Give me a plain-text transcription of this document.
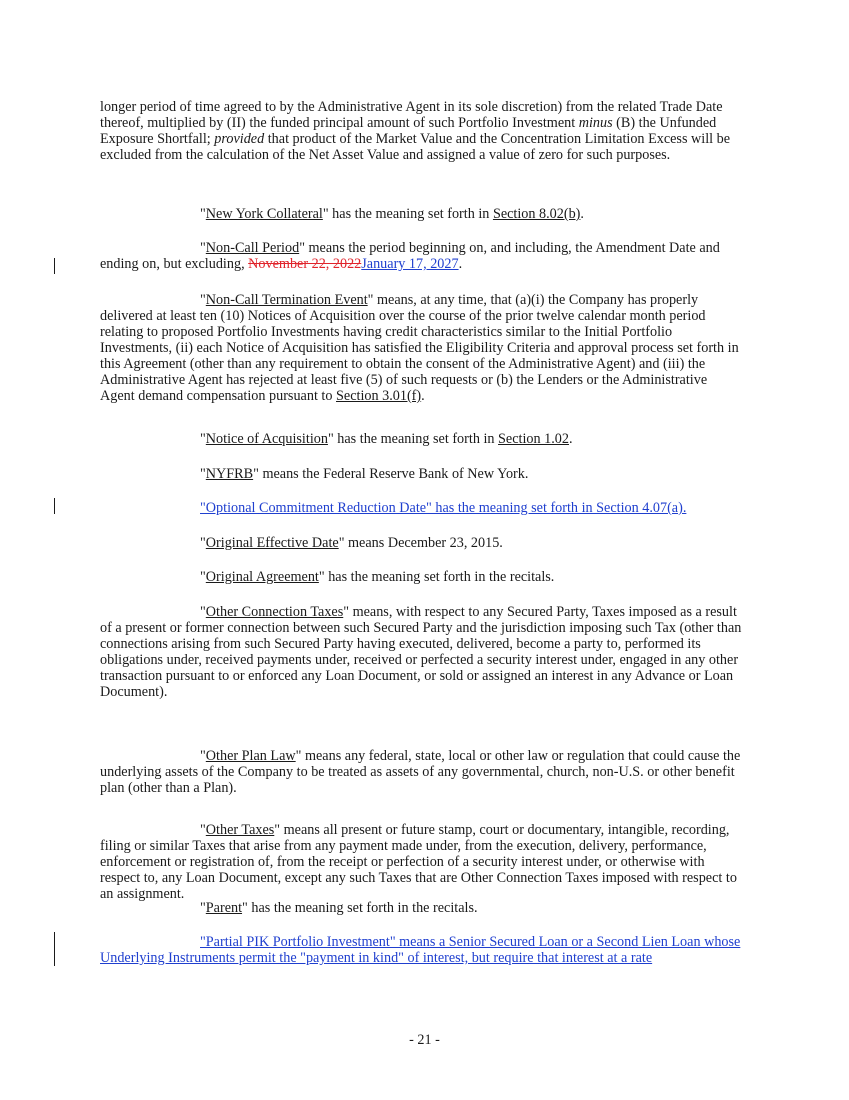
longer period of time agreed to by the Administrative Agent in its sole discretion) from the related Trade Date thereof, multiplied by (II) the funded principal amount of such Portfolio Investment minus (B) the Unfunded Exposure Shortfall; provided that product of the Market Value and the Concentration Limitation Excess will be excluded from the calculation of the Net Asset Value and assigned a value of zero for such purposes.

"New York Collateral" has the meaning set forth in Section 8.02(b).

"Non-Call Period" means the period beginning on, and including, the Amendment Date and ending on, but excluding, November 22, 2022January 17, 2027.

"Non-Call Termination Event" means, at any time, that (a)(i) the Company has properly delivered at least ten (10) Notices of Acquisition over the course of the prior twelve calendar month period relating to proposed Portfolio Investments having credit characteristics similar to the Initial Portfolio Investments, (ii) each Notice of Acquisition has satisfied the Eligibility Criteria and approval process set forth in this Agreement (other than any requirement to obtain the consent of the Administrative Agent) and (iii) the Administrative Agent has rejected at least five (5) of such requests or (b) the Lenders or the Administrative Agent demand compensation pursuant to Section 3.01(f).

"Notice of Acquisition" has the meaning set forth in Section 1.02.

"NYFRB" means the Federal Reserve Bank of New York.

"Optional Commitment Reduction Date" has the meaning set forth in Section 4.07(a).

"Original Effective Date" means December 23, 2015.

"Original Agreement" has the meaning set forth in the recitals.

"Other Connection Taxes" means, with respect to any Secured Party, Taxes imposed as a result of a present or former connection between such Secured Party and the jurisdiction imposing such Tax (other than connections arising from such Secured Party having executed, delivered, become a party to, performed its obligations under, received payments under, received or perfected a security interest under, engaged in any other transaction pursuant to or enforced any Loan Document, or sold or assigned an interest in any Advance or Loan Document).

"Other Plan Law" means any federal, state, local or other law or regulation that could cause the underlying assets of the Company to be treated as assets of any governmental, church, non-U.S. or other benefit plan (other than a Plan).

"Other Taxes" means all present or future stamp, court or documentary, intangible, recording, filing or similar Taxes that arise from any payment made under, from the execution, delivery, performance, enforcement or registration of, from the receipt or perfection of a security interest under, or otherwise with respect to, any Loan Document, except any such Taxes that are Other Connection Taxes imposed with respect to an assignment.

"Parent" has the meaning set forth in the recitals.

"Partial PIK Portfolio Investment" means a Senior Secured Loan or a Second Lien Loan whose Underlying Instruments permit the "payment in kind" of interest, but require that interest at a rate

- 21 -
